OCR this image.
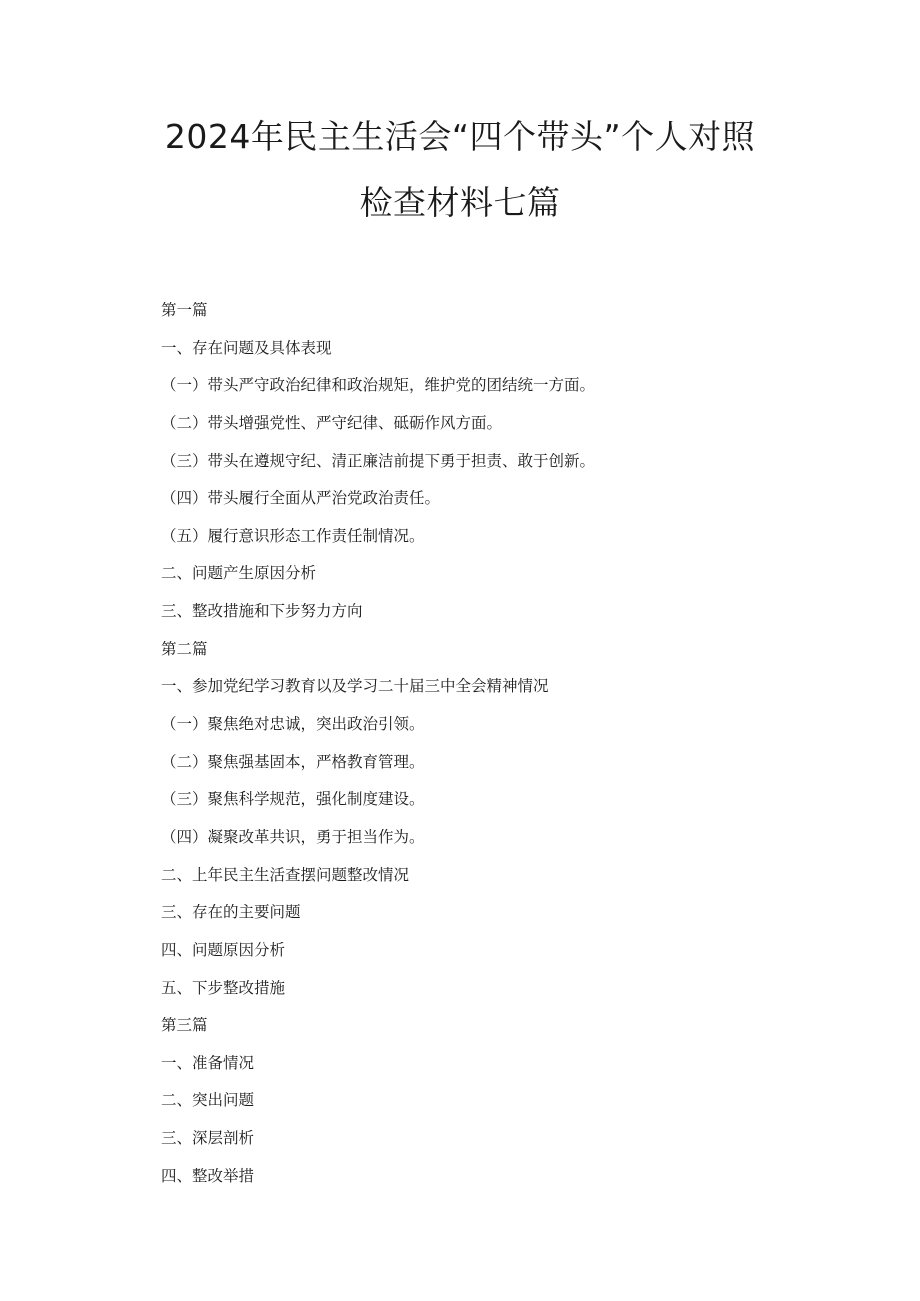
2024年民主生活会“四个带头”个人对照
检查材料七篇
第一篇
一、存在问题及具体表现
（一）带头严守政治纪律和政治规矩，维护党的团结统一方面。
（二）带头增强党性、严守纪律、砥砺作风方面。
（三）带头在遵规守纪、清正廉洁前提下勇于担责、敢于创新。
（四）带头履行全面从严治党政治责任。
（五）履行意识形态工作责任制情况。
二、问题产生原因分析
三、整改措施和下步努力方向
第二篇
一、参加党纪学习教育以及学习二十届三中全会精神情况
（一）聚焦绝对忠诚，突出政治引领。
（二）聚焦强基固本，严格教育管理。
（三）聚焦科学规范，强化制度建设。
（四）凝聚改革共识，勇于担当作为。
二、上年民主生活查摆问题整改情况
三、存在的主要问题
四、问题原因分析
五、下步整改措施
第三篇
一、准备情况
二、突出问题
三、深层剖析
四、整改举措
